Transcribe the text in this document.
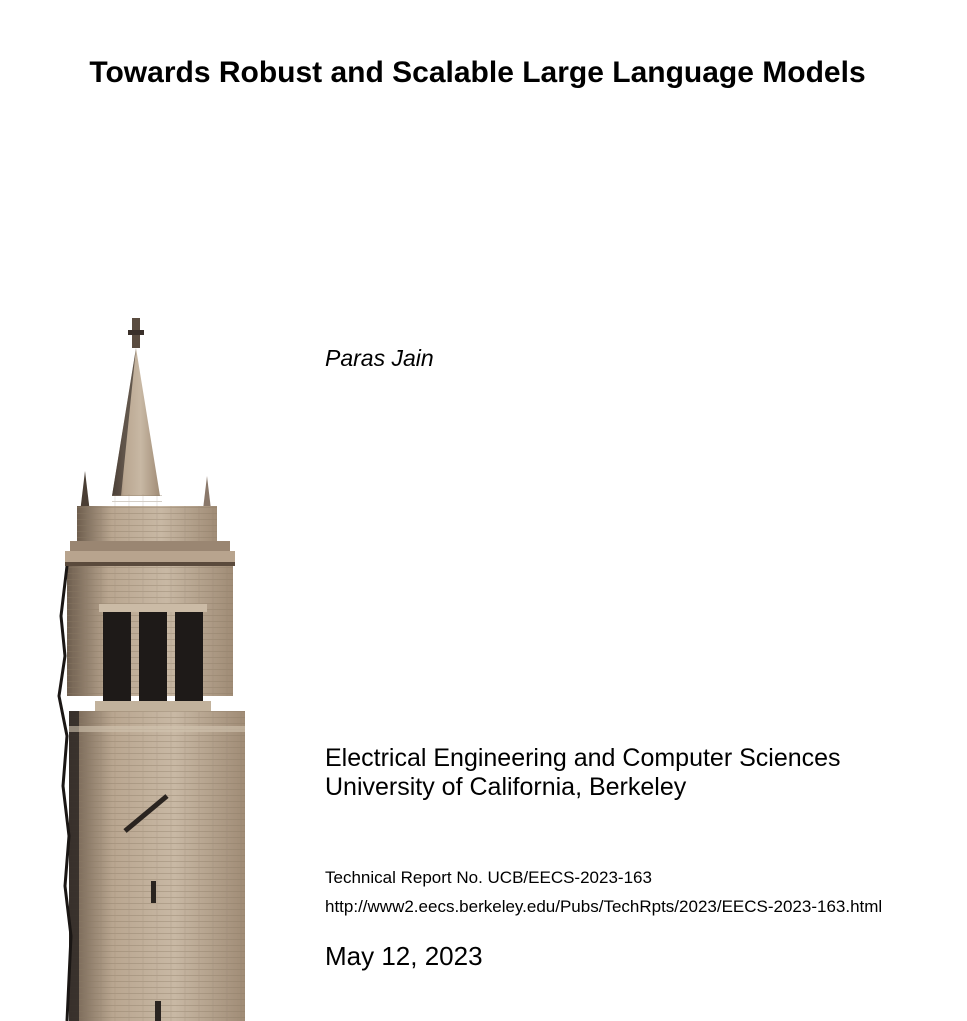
Towards Robust and Scalable Large Language Models
Paras Jain
Electrical Engineering and Computer Sciences
University of California, Berkeley
Technical Report No. UCB/EECS-2023-163
http://www2.eecs.berkeley.edu/Pubs/TechRpts/2023/EECS-2023-163.html
May 12, 2023
